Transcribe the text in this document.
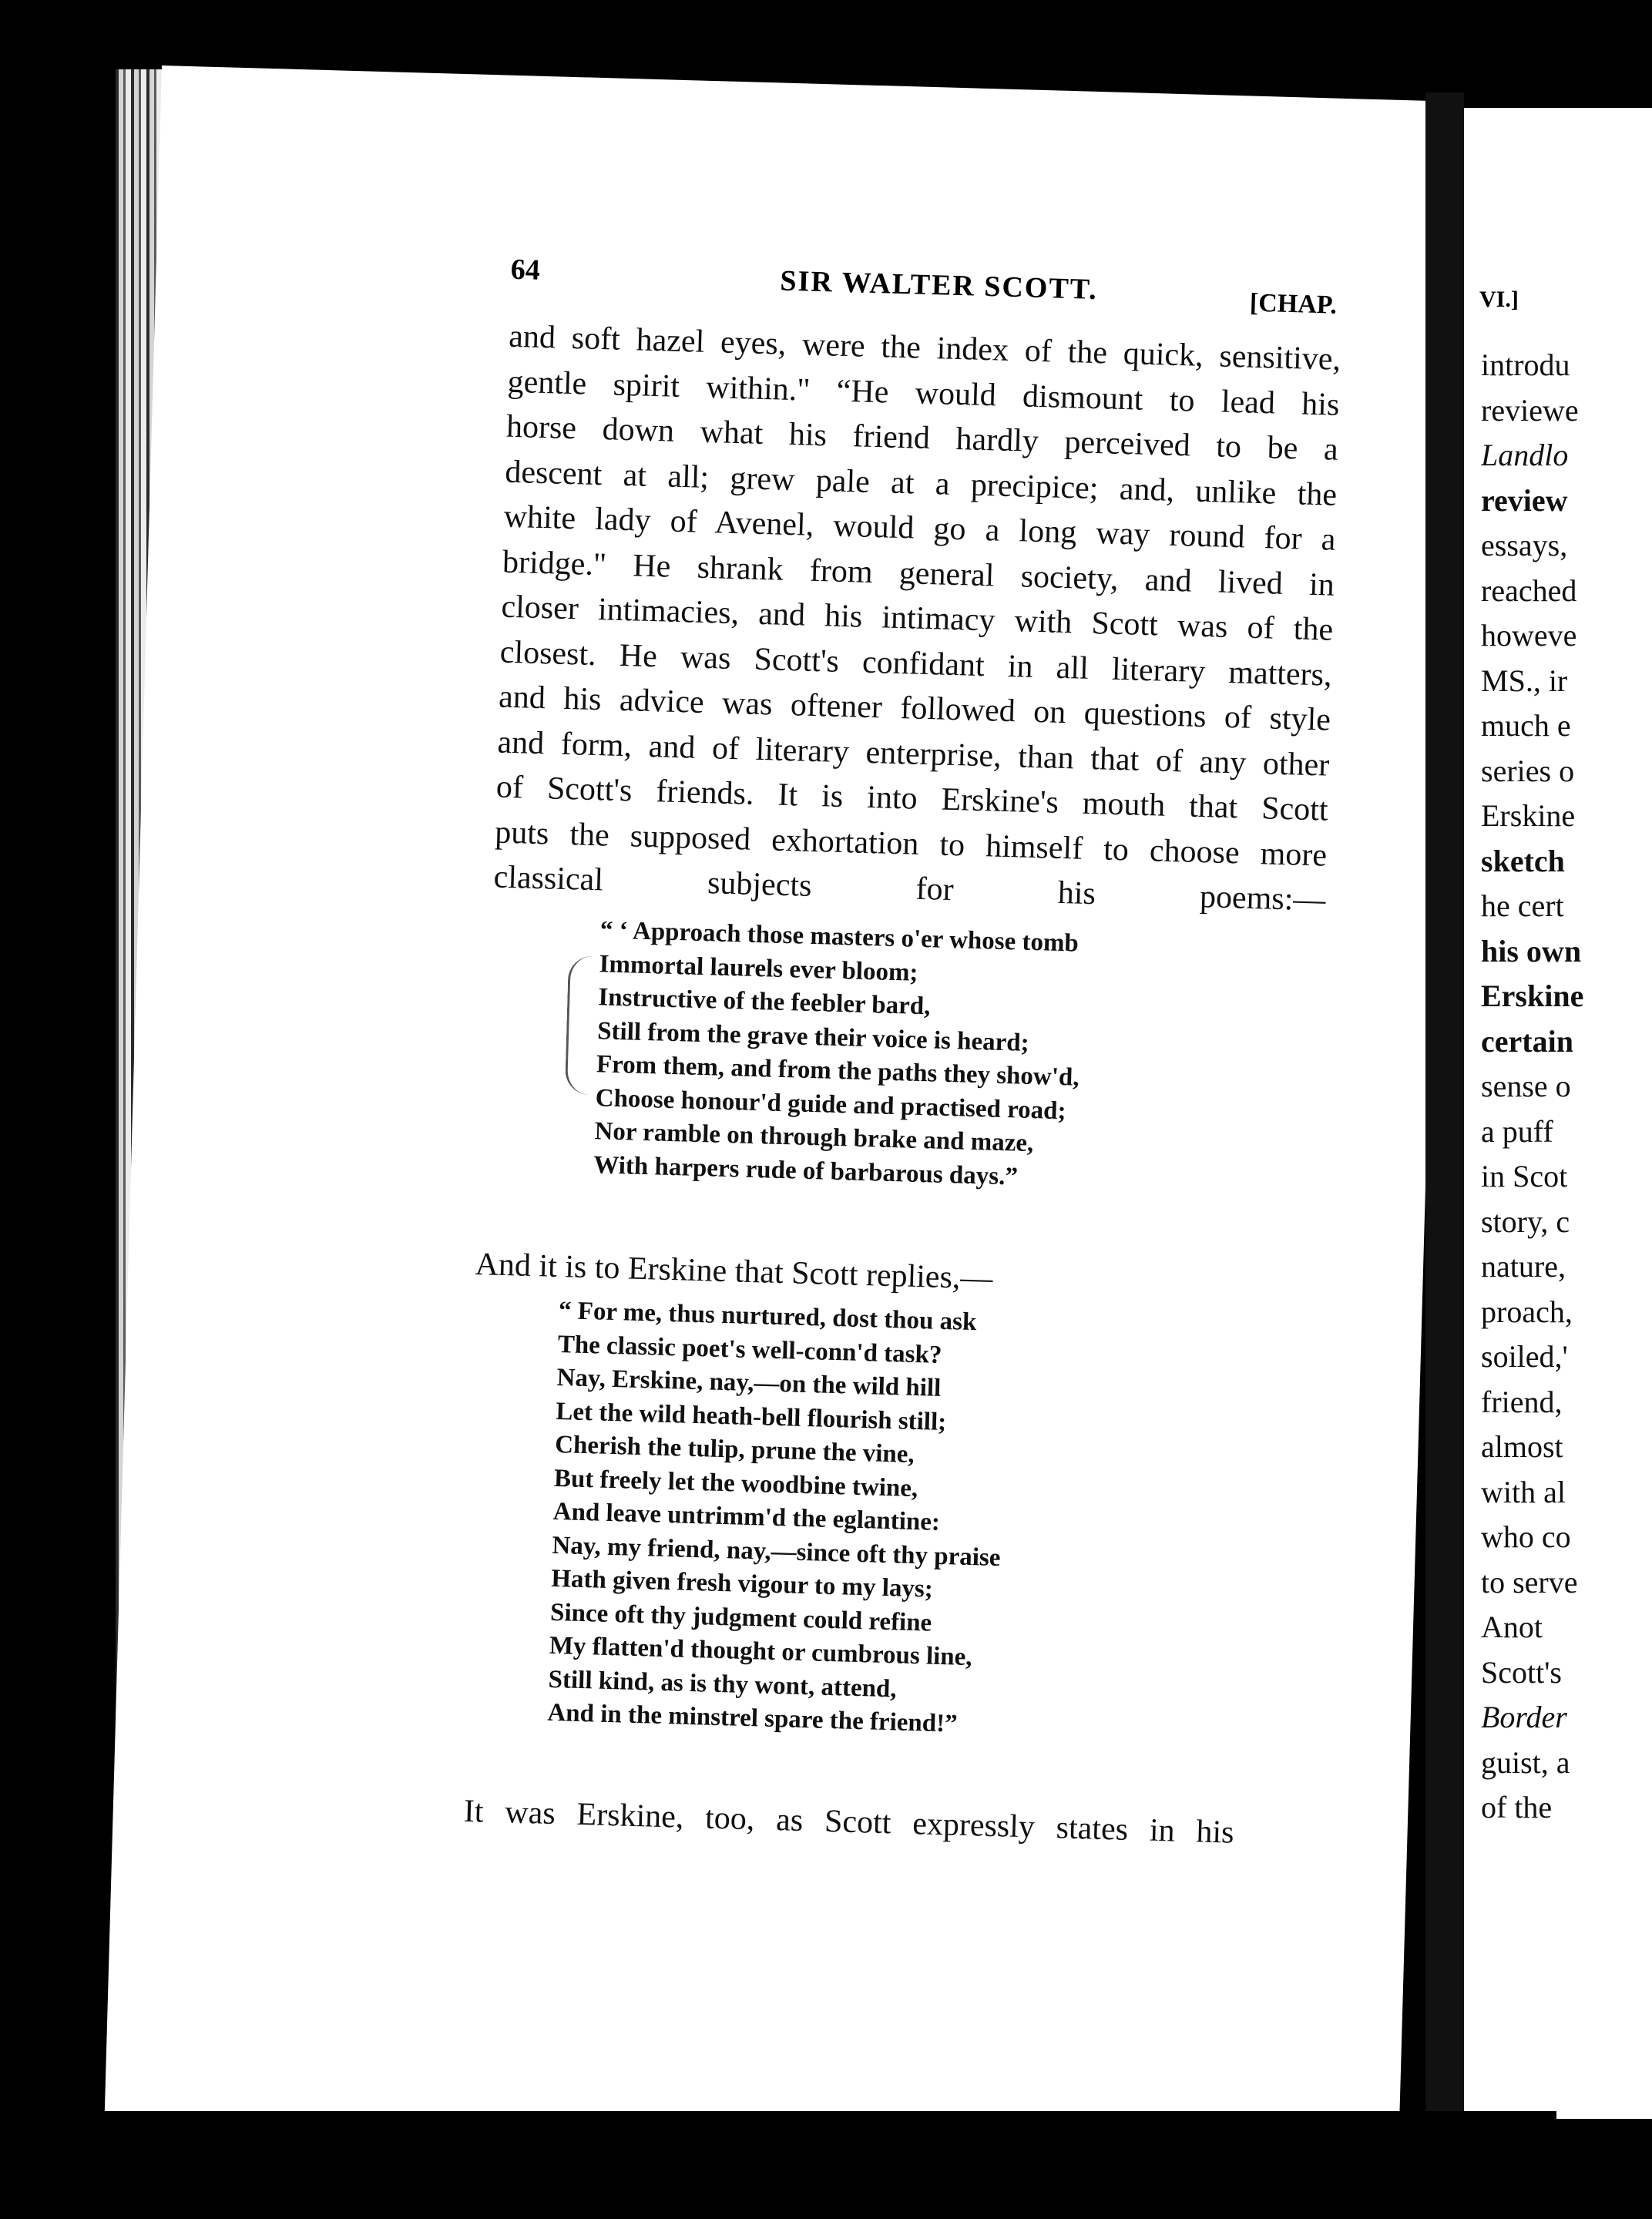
64	SIR WALTER SCOTT.	[CHAP.
and soft hazel eyes, were the index of the quick, sensitive,
gentle spirit within." “He would dismount to lead his
horse down what his friend hardly perceived to be a
descent at all; grew pale at a precipice; and, unlike the
white lady of Avenel, would go a long way round for a
bridge." He shrank from general society, and lived in
closer intimacies, and his intimacy with Scott was of the
closest. He was Scott's confidant in all literary matters,
and his advice was oftener followed on questions of style
and form, and of literary enterprise, than that of any other
of Scott's friends. It is into Erskine's mouth that Scott
puts the supposed exhortation to himself to choose more
classical subjects for his poems:—
“ ‘ Approach those masters o'er whose tomb
Immortal laurels ever bloom;
Instructive of the feebler bard,
Still from the grave their voice is heard;
From them, and from the paths they show'd,
Choose honour'd guide and practised road;
Nor ramble on through brake and maze,
With harpers rude of barbarous days.”
And it is to Erskine that Scott replies,—
“ For me, thus nurtured, dost thou ask
The classic poet's well-conn'd task?
Nay, Erskine, nay,—on the wild hill
Let the wild heath-bell flourish still;
Cherish the tulip, prune the vine,
But freely let the woodbine twine,
And leave untrimm'd the eglantine:
Nay, my friend, nay,—since oft thy praise
Hath given fresh vigour to my lays;
Since oft thy judgment could refine
My flatten'd thought or cumbrous line,
Still kind, as is thy wont, attend,
And in the minstrel spare the friend!”
It was Erskine, too, as Scott expressly states in his
VI.]
introdu
reviewe
Landlo
review
essays,
reached
howeve
MS., ir
much e
series o
Erskine
sketch
he cert
his own
Erskine
certain
sense o
a puff
in Scot
story, c
nature,
proach,
soiled,'
friend,
almost
with al
who co
to serve
Anot
Scott's
Border
guist, a
of the
